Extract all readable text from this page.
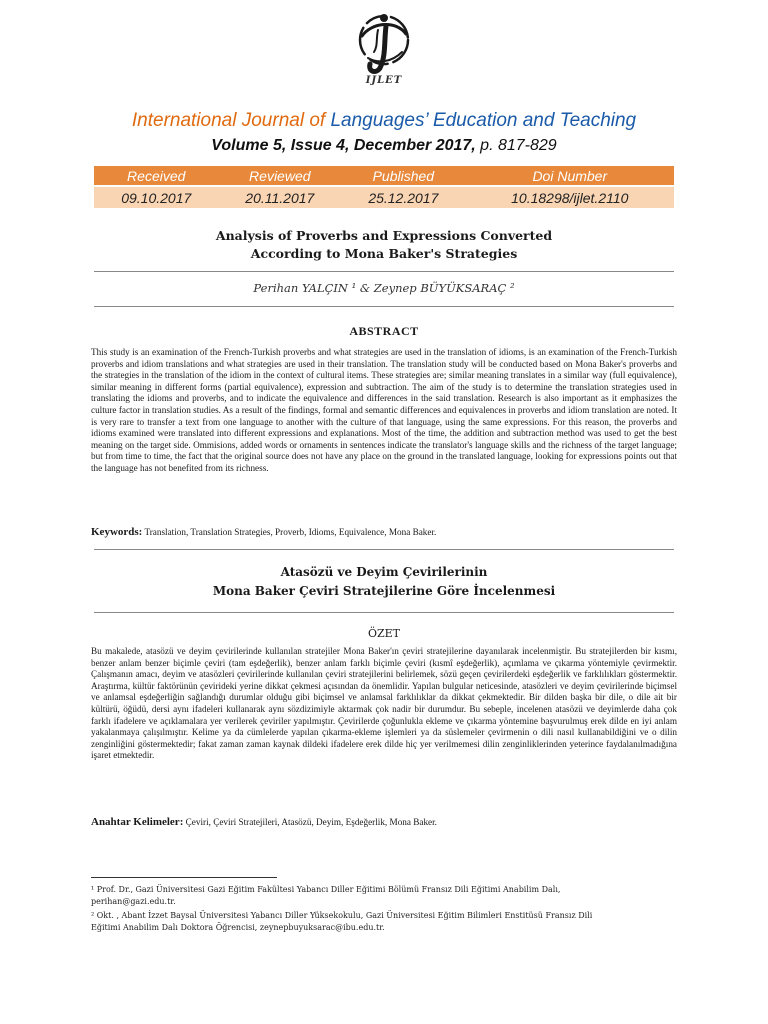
IJLET
International Journal of Languages’ Education and Teaching
Volume 5, Issue 4, December 2017, p. 817-829
Received	Reviewed	Published	Doi Number
09.10.2017	20.11.2017	25.12.2017	10.18298/ijlet.2110
Analysis of Proverbs and Expressions Converted
According to Mona Baker's Strategies
Perihan YALÇIN ¹ & Zeynep BÜYÜKSARAÇ ²
ABSTRACT

This study is an examination of the French-Turkish proverbs and what strategies are used in the translation of idioms, is an examination of the French-Turkish proverbs and idiom translations and what strategies are used in their translation. The translation study will be conducted based on Mona Baker's proverbs and the strategies in the translation of the idiom in the context of cultural items. These strategies are; similar meaning translates in a similar way (full equivalence), similar meaning in different forms (partial equivalence), expression and subtraction. The aim of the study is to determine the translation strategies used in translating the idioms and proverbs, and to indicate the equivalence and differences in the said translation. Research is also important as it emphasizes the culture factor in translation studies. As a result of the findings, formal and semantic differences and equivalences in proverbs and idiom translation are noted. It is very rare to transfer a text from one language to another with the culture of that language, using the same expressions. For this reason, the proverbs and idioms examined were translated into different expressions and explanations. Most of the time, the addition and subtraction method was used to get the best meaning on the target side. Ommisions, added words or ornaments in sentences indicate the translator's language skills and the richness of the target language; but from time to time, the fact that the original source does not have any place on the ground in the translated language, looking for expressions points out that the language has not benefited from its richness.

Keywords: Translation, Translation Strategies, Proverb, Idioms, Equivalence, Mona Baker.
Atasözü ve Deyim Çevirilerinin
Mona Baker Çeviri Stratejilerine Göre İncelenmesi
ÖZET

Bu makalede, atasözü ve deyim çevirilerinde kullanılan stratejiler Mona Baker'ın çeviri stratejilerine dayanılarak incelenmiştir. Bu stratejilerden bir kısmı, benzer anlam benzer biçimle çeviri (tam eşdeğerlik), benzer anlam farklı biçimle çeviri (kısmî eşdeğerlik), açımlama ve çıkarma yöntemiyle çevirmektir. Çalışmanın amacı, deyim ve atasözleri çevirilerinde kullanılan çeviri stratejilerini belirlemek, sözü geçen çevirilerdeki eşdeğerlik ve farklılıkları göstermektir. Araştırma, kültür faktörünün çevirideki yerine dikkat çekmesi açısından da önemlidir. Yapılan bulgular neticesinde, atasözleri ve deyim çevirilerinde biçimsel ve anlamsal eşdeğerliğin sağlandığı durumlar olduğu gibi biçimsel ve anlamsal farklılıklar da dikkat çekmektedir. Bir dilden başka bir dile, o dile ait bir kültürü, öğüdü, dersi aynı ifadeleri kullanarak aynı sözdizimiyle aktarmak çok nadir bir durumdur. Bu sebeple, incelenen atasözü ve deyimlerde daha çok farklı ifadelere ve açıklamalara yer verilerek çeviriler yapılmıştır. Çevirilerde çoğunlukla ekleme ve çıkarma yöntemine başvurulmuş erek dilde en iyi anlam yakalanmaya çalışılmıştır. Kelime ya da cümlelerde yapılan çıkarma-ekleme işlemleri ya da süslemeler çevirmenin o dili nasıl kullanabildiğini ve o dilin zenginliğini göstermektedir; fakat zaman zaman kaynak dildeki ifadelere erek dilde hiç yer verilmemesi dilin zenginliklerinden yeterince faydalanılmadığına işaret etmektedir.

Anahtar Kelimeler: Çeviri, Çeviri Stratejileri, Atasözü, Deyim, Eşdeğerlik, Mona Baker.
¹ Prof. Dr., Gazi Üniversitesi Gazi Eğitim Fakültesi Yabancı Diller Eğitimi Bölümü Fransız Dili Eğitimi Anabilim Dalı,
perihan@gazi.edu.tr.
² Okt. , Abant İzzet Baysal Üniversitesi Yabancı Diller Yüksekokulu, Gazi Üniversitesi Eğitim Bilimleri Enstitüsü Fransız Dili
Eğitimi Anabilim Dalı Doktora Öğrencisi, zeynepbuyuksarac@ibu.edu.tr.
